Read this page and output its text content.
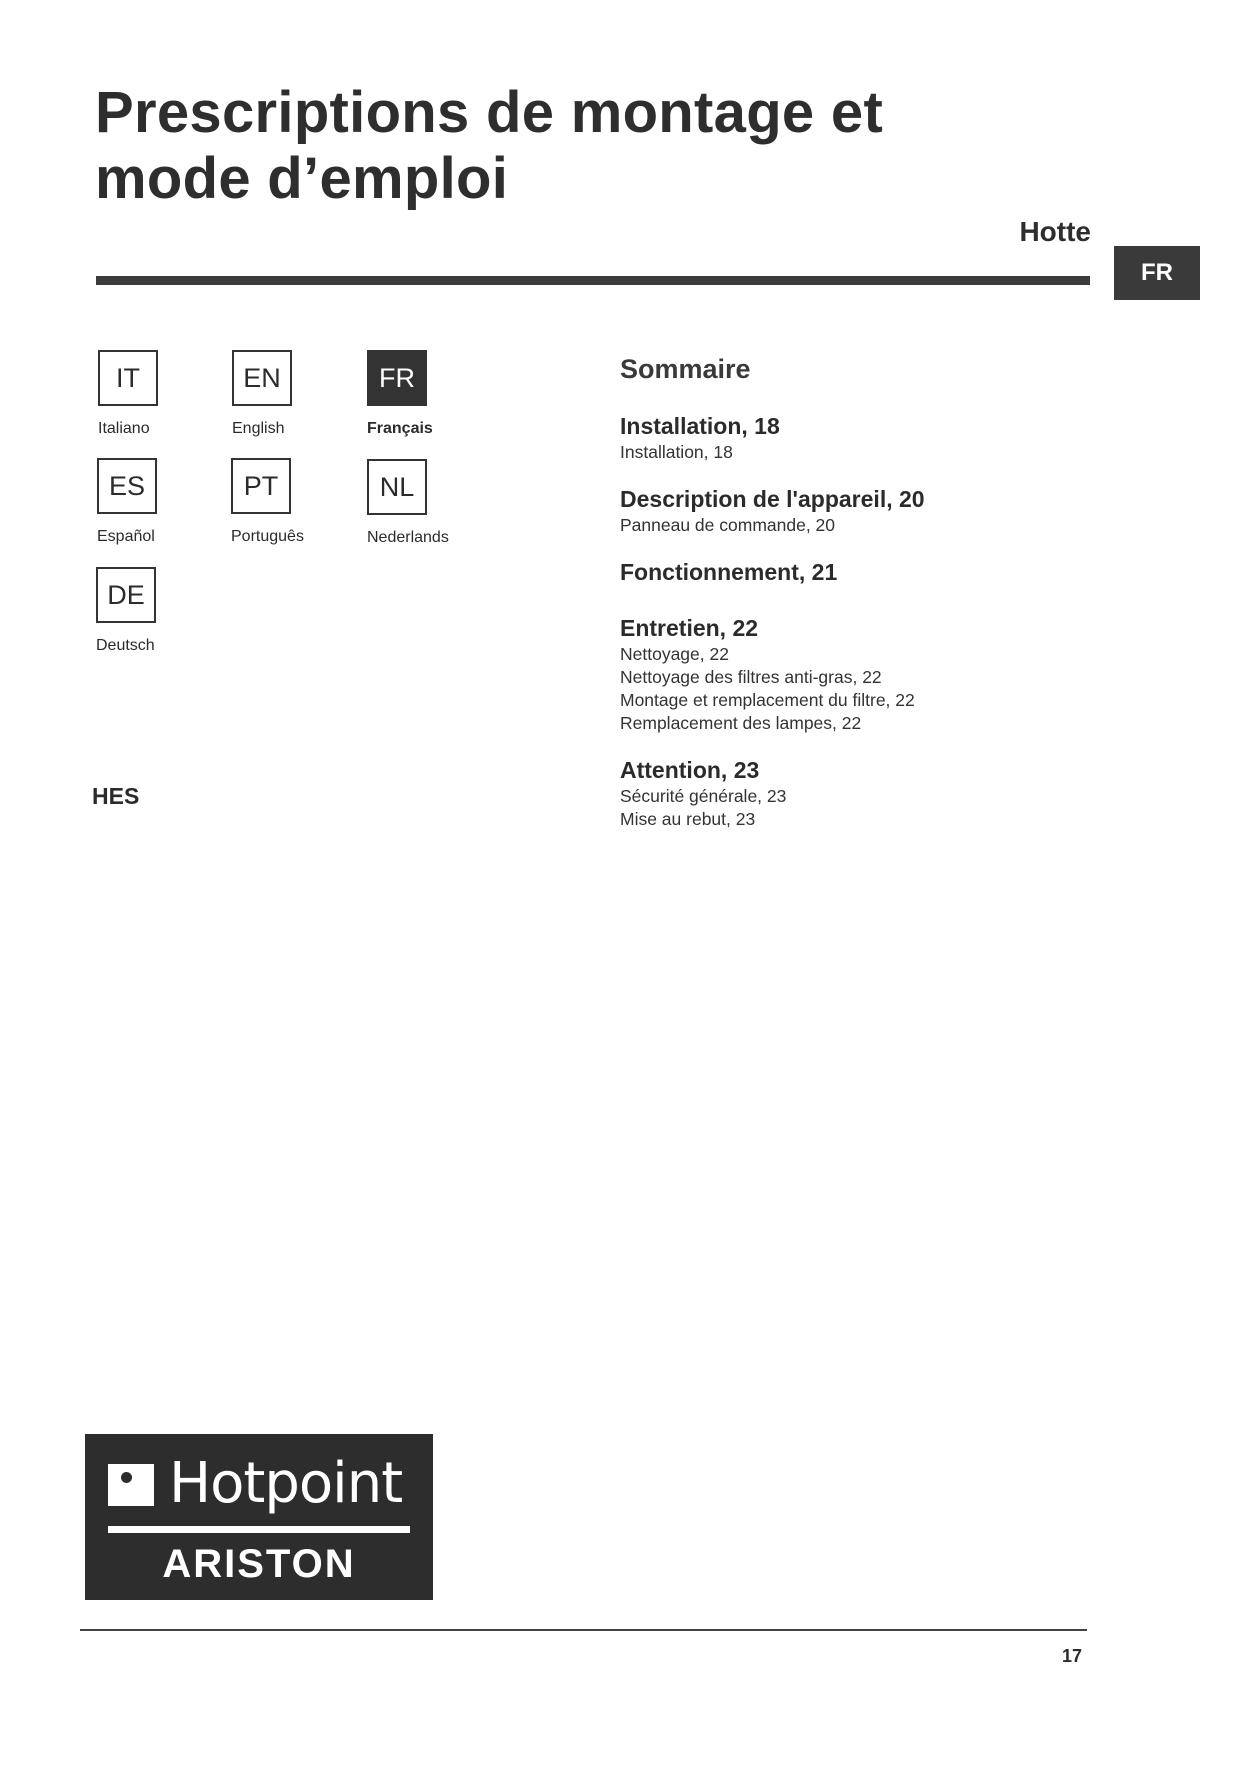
Prescriptions de montage et mode d’emploi
Hotte
FR
IT
Italiano
EN
English
FR
Français
ES
Español
PT
Português
NL
Nederlands
DE
Deutsch
HES
Sommaire
Installation, 18
Installation, 18
Description de l'appareil, 20
Panneau de commande, 20
Fonctionnement, 21
Entretien, 22
Nettoyage, 22
Nettoyage des filtres anti-gras, 22
Montage et remplacement du filtre, 22
Remplacement des lampes, 22
Attention, 23
Sécurité générale, 23
Mise au rebut, 23
Hotpoint
ARISTON
17
